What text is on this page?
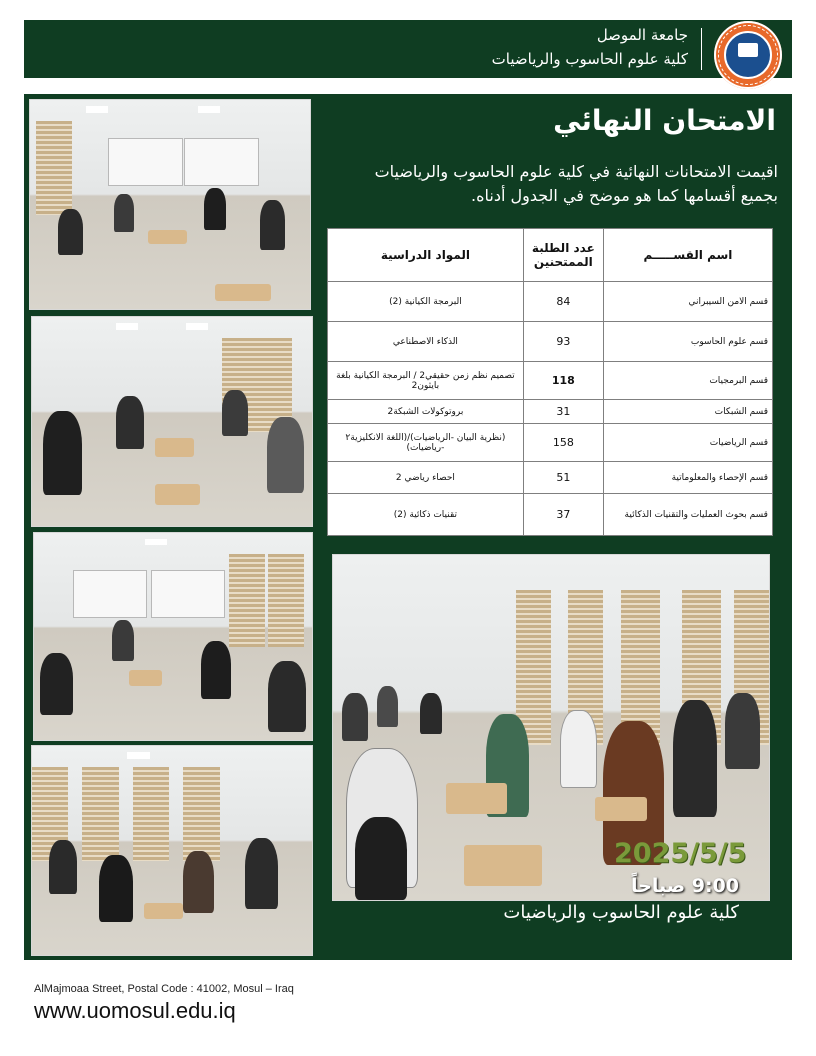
جامعة الموصل
كلية علوم الحاسوب والرياضيات
الامتحان النهائي
اقيمت الامتحانات النهائية في كلية علوم الحاسوب والرياضيات بجميع أقسامها كما هو موضح في الجدول أدناه.
اسم القســـــم	عدد الطلبة الممتحنين	المواد الدراسية
قسم الامن السيبراني	84	البرمجة الكيانية (2)
قسم علوم الحاسوب	93	الذكاء الاصطناعي
قسم البرمجيات	118	تصميم نظم زمن حقيقي2 / البرمجة الكيانية بلغة بايثون2
قسم الشبكات	31	بروتوكولات الشبكة2
قسم الرياضيات	158	(نظرية البيان -الرياضيات)/(اللغة الانكليزية٢ -رياضيات)
قسم الإحصاء والمعلوماتية	51	احصاء رياضي 2
قسم بحوث العمليات والتقنيات الذكائية	37	تقنيات ذكائية (2)
2025/5/5
9:00 صباحاً
كلية علوم الحاسوب والرياضيات
AlMajmoaa Street, Postal Code : 41002, Mosul – Iraq
www.uomosul.edu.iq
